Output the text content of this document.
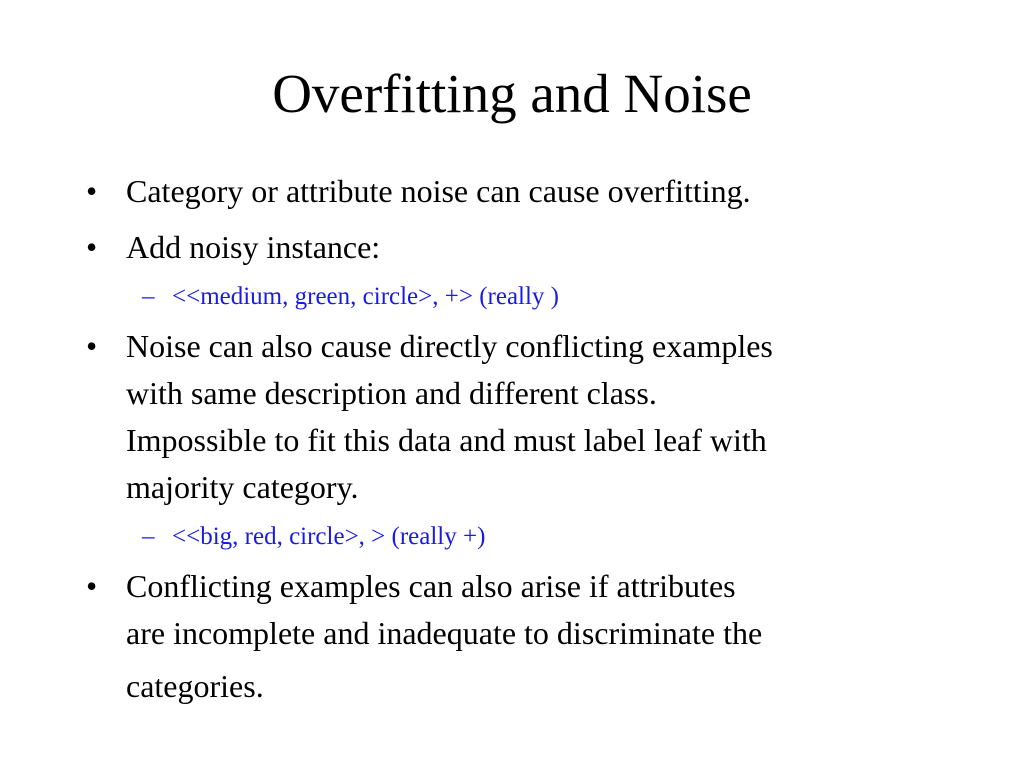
Overfitting and Noise
• Category or attribute noise can cause overfitting.
• Add noisy instance:
– <<medium, green, circle>, +> (really )
• Noise can also cause directly conflicting examples
with same description and different class.
Impossible to fit this data and must label leaf with
majority category.
– <<big, red, circle>, > (really +)
• Conflicting examples can also arise if attributes
are incomplete and inadequate to discriminate the
categories.
